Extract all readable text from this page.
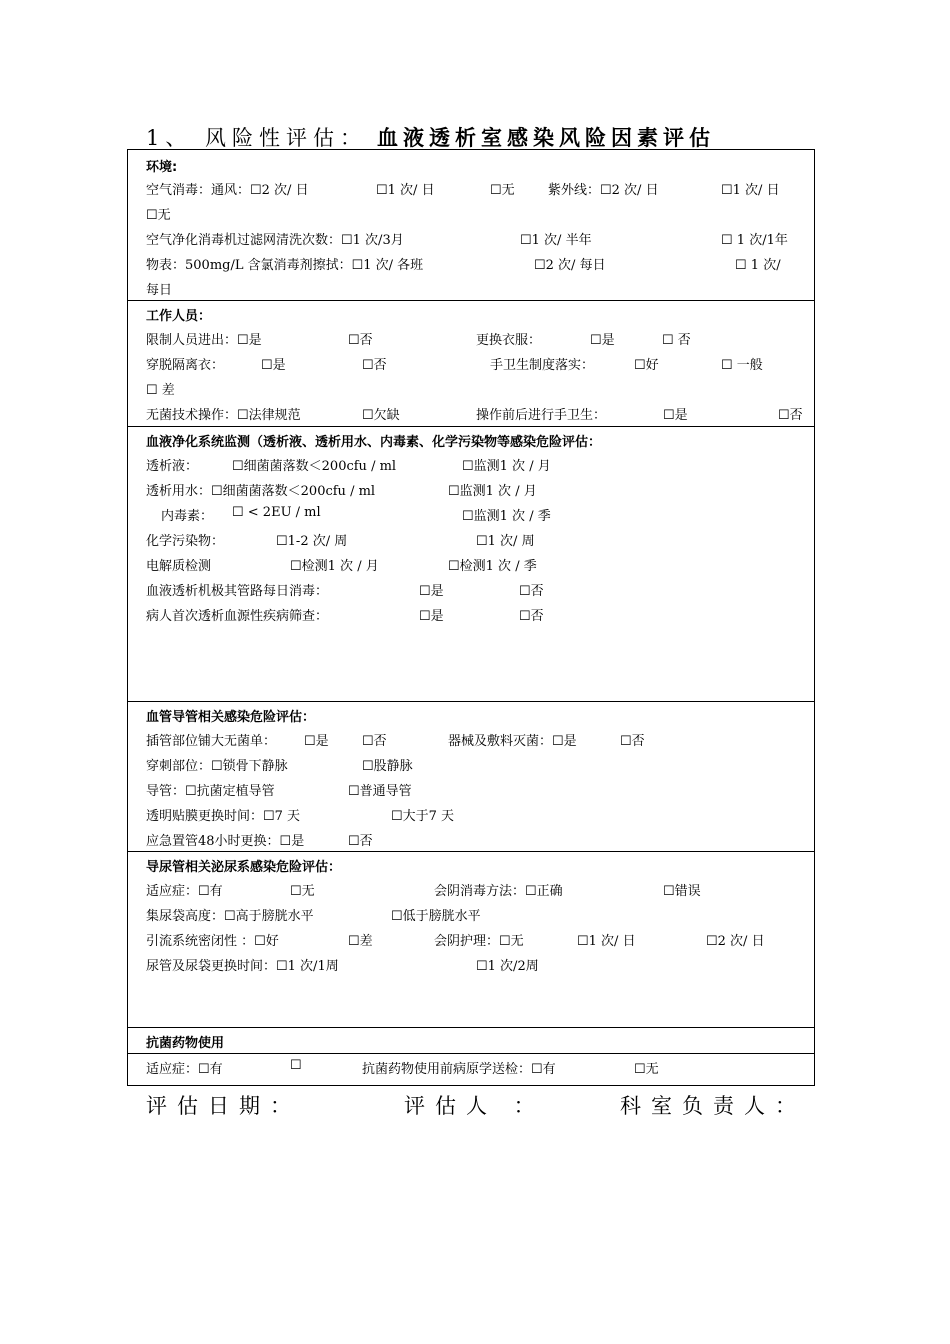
1、 风险性评估： 血液透析室感染风险因素评估
环境:
空气消毒：通风：☐2 次/ 日	☐1 次/ 日	☐无	紫外线：☐2 次/ 日	☐1 次/ 日
☐无
空气净化消毒机过滤网清洗次数：☐1 次/3月	☐1 次/ 半年	☐ 1 次/1年
物表：500mg/L 含氯消毒剂擦拭：☐1 次/ 各班	☐2 次/ 每日	☐ 1 次/
每日
工作人员：
限制人员进出：☐是	☐否	更换衣服：	☐是	☐ 否
穿脱隔离衣：	☐是	☐否	手卫生制度落实：	☐好	☐ 一般
☐ 差
无菌技术操作：☐法律规范	☐欠缺	操作前后进行手卫生：	☐是	☐否
血液净化系统监测（透析液、透析用水、内毒素、化学污染物等感染危险评估：
透析液：	☐细菌菌落数＜200cfu / ml	☐监测1 次 / 月
透析用水：☐细菌菌落数＜200cfu / ml	☐监测1 次 / 月
内毒素： ☐ < 2EU / ml	☐监测1 次 / 季
化学污染物：	☐1-2 次/ 周	☐1 次/ 周
电解质检测	☐检测1 次 / 月	☐检测1 次 / 季
血液透析机极其管路每日消毒：	☐是	☐否
病人首次透析血源性疾病筛查：	☐是	☐否
血管导管相关感染危险评估：
插管部位铺大无菌单： ☐是	☐否	器械及敷料灭菌：☐是	☐否
穿刺部位：☐锁骨下静脉	☐股静脉
导管：☐抗菌定植导管	☐普通导管
透明贴膜更换时间：☐7 天	☐大于7 天
应急置管48小时更换：☐是	☐否
导尿管相关泌尿系感染危险评估：
适应症：☐有	☐无	会阴消毒方法：☐正确	☐错误
集尿袋高度：☐高于膀胱水平	☐低于膀胱水平
引流系统密闭性 ：☐好	☐差	会阴护理：☐无	☐1 次/ 日	☐2 次/ 日
尿管及尿袋更换时间：☐1 次/1周	☐1 次/2周
抗菌药物使用
适应症：☐有	☐	抗菌药物使用前病原学送检：☐有	☐无
评估日期：	评估人 ：	科室负责人：
